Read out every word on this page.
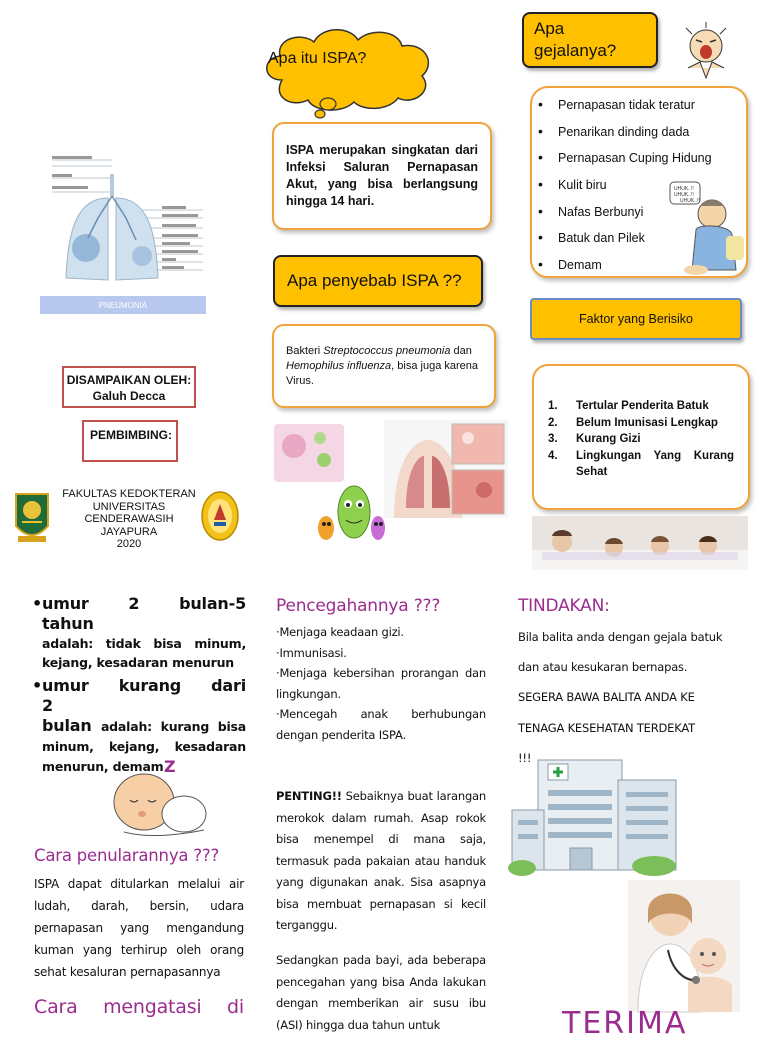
PNEUMONIA
DISAMPAIKAN OLEH:
Galuh Decca
PEMBIMBING:
FAKULTAS KEDOKTERAN
UNIVERSITAS CENDERAWASIH
JAYAPURA
2020
Apa itu ISPA?
ISPA merupakan singkatan dari Infeksi Saluran Pernapasan Akut, yang bisa berlangsung hingga 14 hari.
Apa penyebab ISPA ??
Bakteri Streptococcus pneumonia dan Hemophilus influenza, bisa juga karena Virus.
Apa gejalanya?
• Pernapasan tidak teratur
• Penarikan dinding dada
• Pernapasan Cuping Hidung
• Kulit biru
• Nafas Berbunyi
• Batuk dan Pilek
• Demam
UHUK..!!
UHUK..!!
UHUK..!!
Faktor yang Berisiko
1.	Tertular Penderita Batuk
2.	Belum Imunisasi Lengkap
3.	Kurang Gizi
4.	Lingkungan Yang Kurang Sehat
• umur 2 bulan-5 tahun
adalah: tidak bisa minum, kejang, kesadaran menurun
• umur kurang dari 2
bulan adalah: kurang bisa minum, kejang, kesadaran menurun, demam Z
Cara penularannya ???
ISPA dapat ditularkan melalui air ludah, darah, bersin, udara pernapasan yang mengandung kuman yang terhirup oleh orang sehat kesaluran pernapasannya
Cara mengatasi di
Pencegahannya ???
·Menjaga keadaan gizi.
·Immunisasi.
·Menjaga kebersihan prorangan dan lingkungan.
·Mencegah anak berhubungan dengan penderita ISPA.
PENTING!! Sebaiknya buat larangan merokok dalam rumah. Asap rokok bisa menempel di mana saja, termasuk pada pakaian atau handuk yang digunakan anak. Sisa asapnya bisa membuat pernapasan si kecil terganggu.
Sedangkan pada bayi, ada beberapa pencegahan yang bisa Anda lakukan dengan memberikan air susu ibu (ASI) hingga dua tahun untuk
TINDAKAN:
Bila balita anda dengan gejala batuk
dan atau kesukaran bernapas.
SEGERA BAWA BALITA ANDA KE
TENAGA KESEHATAN TERDEKAT
!!!
TERIMA
